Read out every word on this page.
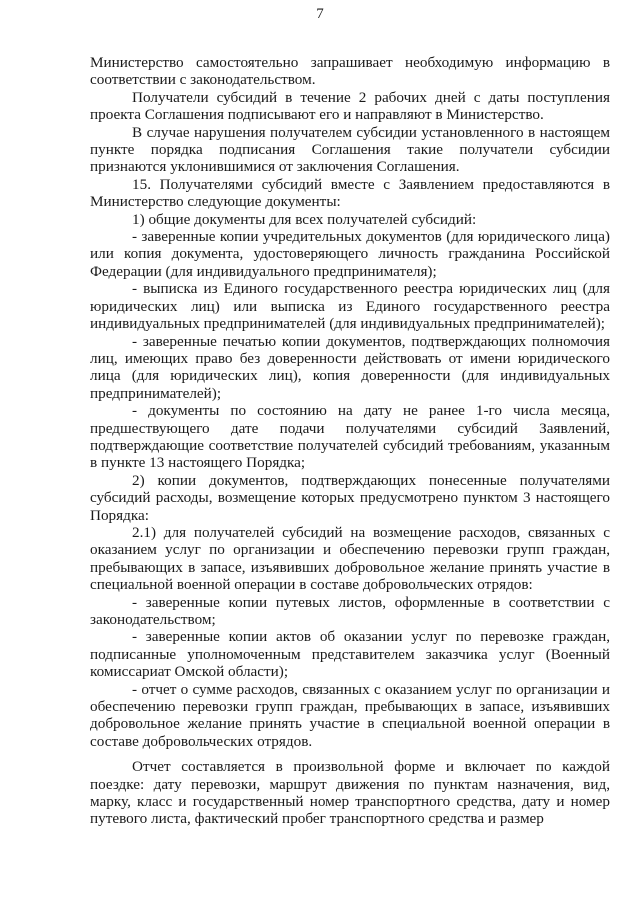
7

Министерство самостоятельно запрашивает необходимую информацию в соответствии с законодательством.

Получатели субсидий в течение 2 рабочих дней с даты поступления проекта Соглашения подписывают его и направляют в Министерство.

В случае нарушения получателем субсидии установленного в настоящем пункте порядка подписания Соглашения такие получатели субсидии признаются уклонившимися от заключения Соглашения.

15. Получателями субсидий вместе с Заявлением предоставляются в Министерство следующие документы:

1) общие документы для всех получателей субсидий:

- заверенные копии учредительных документов (для юридического лица) или копия документа, удостоверяющего личность гражданина Российской Федерации (для индивидуального предпринимателя);

- выписка из Единого государственного реестра юридических лиц (для юридических лиц) или выписка из Единого государственного реестра индивидуальных предпринимателей (для индивидуальных предпринимателей);

- заверенные печатью копии документов, подтверждающих полномочия лиц, имеющих право без доверенности действовать от имени юридического лица (для юридических лиц), копия доверенности (для индивидуальных предпринимателей);

- документы по состоянию на дату не ранее 1-го числа месяца, предшествующего дате подачи получателями субсидий Заявлений, подтверждающие соответствие получателей субсидий требованиям, указанным в пункте 13 настоящего Порядка;

2) копии документов, подтверждающих понесенные получателями субсидий расходы, возмещение которых предусмотрено пунктом 3 настоящего Порядка:

2.1) для получателей субсидий на возмещение расходов, связанных с оказанием услуг по организации и обеспечению перевозки групп граждан, пребывающих в запасе, изъявивших добровольное желание принять участие в специальной военной операции в составе добровольческих отрядов:

- заверенные копии путевых листов, оформленные в соответствии с законодательством;

- заверенные копии актов об оказании услуг по перевозке граждан, подписанные уполномоченным представителем заказчика услуг (Военный комиссариат Омской области);

- отчет о сумме расходов, связанных с оказанием услуг по организации и обеспечению перевозки групп граждан, пребывающих в запасе, изъявивших добровольное желание принять участие в специальной военной операции в составе добровольческих отрядов.

Отчет составляется в произвольной форме и включает по каждой поездке: дату перевозки, маршрут движения по пунктам назначения, вид, марку, класс и государственный номер транспортного средства, дату и номер путевого листа, фактический пробег транспортного средства и размер
